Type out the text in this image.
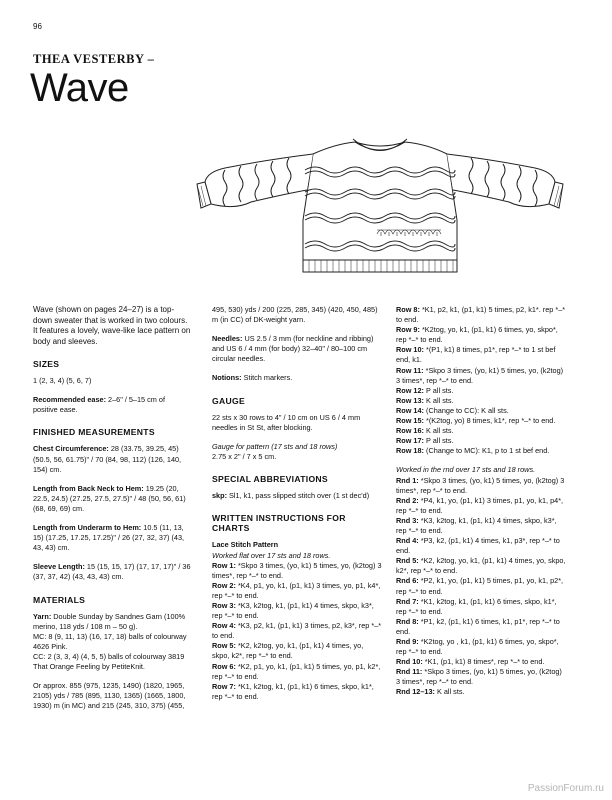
96
THEA VESTERBY –
Wave

Wave (shown on pages 24–27) is a top-down sweater that is worked in two colours. It features a lovely, wave-like lace pattern on body and sleeves.

SIZES

1 (2, 3, 4) (5, 6, 7)

Recommended ease: 2–6" / 5–15 cm of positive ease.

FINISHED MEASUREMENTS

Chest Circumference: 28 (33.75, 39.25, 45) (50.5, 56, 61.75)" / 70 (84, 98, 112) (126, 140, 154) cm.

Length from Back Neck to Hem: 19.25 (20, 22.5, 24.5) (27.25, 27.5, 27.5)" / 48 (50, 56, 61) (68, 69, 69) cm.

Length from Underarm to Hem: 10.5 (11, 13, 15) (17.25, 17.25, 17.25)" / 26 (27, 32, 37) (43, 43, 43) cm.

Sleeve Length: 15 (15, 15, 17) (17, 17, 17)" / 36 (37, 37, 42) (43, 43, 43) cm.

MATERIALS

Yarn: Double Sunday by Sandnes Garn (100% merino, 118 yds / 108 m – 50 g).

MC: 8 (9, 11, 13) (16, 17, 18) balls of colourway 4626 Pink.

CC: 2 (3, 3, 4) (4, 5, 5) balls of colourway 3819 That Orange Feeling by PetiteKnit.

Or approx. 855 (975, 1235, 1490) (1820, 1965, 2105) yds / 785 (895, 1130, 1365) (1665, 1800, 1930) m (in MC) and 215 (245, 310, 375) (455,

495, 530) yds / 200 (225, 285, 345) (420, 450, 485) m (in CC) of DK-weight yarn.

Needles: US 2.5 / 3 mm (for neckline and ribbing) and US 6 / 4 mm (for body) 32–40" / 80–100 cm circular needles.

Notions: Stitch markers.

GAUGE

22 sts x 30 rows to 4" / 10 cm on US 6 / 4 mm needles in St St, after blocking.

Gauge for pattern (17 sts and 18 rows)

2.75 x 2" / 7 x 5 cm.

SPECIAL ABBREVIATIONS

skp: Sl1, k1, pass slipped stitch over (1 st dec'd)

WRITTEN INSTRUCTIONS FOR CHARTS

Lace Stitch Pattern

Worked flat over 17 sts and 18 rows.

Row 1: *Skpo 3 times, (yo, k1) 5 times, yo, (k2tog) 3 times*, rep *–* to end.

Row 2: *K4, p1, yo, k1, (p1, k1) 3 times, yo, p1, k4*, rep *–* to end.

Row 3: *K3, k2tog, k1, (p1, k1) 4 times, skpo, k3*, rep *–* to end.

Row 4: *K3, p2, k1, (p1, k1) 3 times, p2, k3*, rep *–* to end.

Row 5: *K2, k2tog, yo, k1, (p1, k1) 4 times, yo, skpo, k2*, rep *–* to end.

Row 6: *K2, p1, yo, k1, (p1, k1) 5 times, yo, p1, k2*, rep *–* to end.

Row 7: *K1, k2tog, k1, (p1, k1) 6 times, skpo, k1*, rep *–* to end.

Row 8: *K1, p2, k1, (p1, k1) 5 times, p2, k1*. rep *–* to end.

Row 9: *K2tog, yo, k1, (p1, k1) 6 times, yo, skpo*, rep *–* to end.

Row 10: *(P1, k1) 8 times, p1*, rep *–* to 1 st bef end, k1.

Row 11: *Skpo 3 times, (yo, k1) 5 times, yo, (k2tog) 3 times*, rep *–* to end.

Row 12: P all sts.

Row 13: K all sts.

Row 14: (Change to CC): K all sts.

Row 15: *(K2tog, yo) 8 times, k1*, rep *–* to end.

Row 16: K all sts.

Row 17: P all sts.

Row 18: (Change to MC): K1, p to 1 st bef end.

Worked in the rnd over 17 sts and 18 rows.

Rnd 1: *Skpo 3 times, (yo, k1) 5 times, yo, (k2tog) 3 times*, rep *–* to end.

Rnd 2: *P4, k1, yo, (p1, k1) 3 times, p1, yo, k1, p4*, rep *–* to end.

Rnd 3: *K3, k2tog, k1, (p1, k1) 4 times, skpo, k3*, rep *–* to end.

Rnd 4: *P3, k2, (p1, k1) 4 times, k1, p3*, rep *–* to end.

Rnd 5: *K2, k2tog, yo, k1, (p1, k1) 4 times, yo, skpo, k2*, rep *–* to end.

Rnd 6: *P2, k1, yo, (p1, k1) 5 times, p1, yo, k1, p2*, rep *–* to end.

Rnd 7: *K1, k2tog, k1, (p1, k1) 6 times, skpo, k1*, rep *–* to end.

Rnd 8: *P1, k2, (p1, k1) 6 times, k1, p1*, rep *–* to end.

Rnd 9: *K2tog, yo , k1, (p1, k1) 6 times, yo, skpo*, rep *–* to end.

Rnd 10: *K1, (p1, k1) 8 times*, rep *–* to end.

Rnd 11: *Skpo 3 times, (yo, k1) 5 times, yo, (k2tog) 3 times*, rep *–* to end.

Rnd 12–13: K all sts.

PassionForum.ru
